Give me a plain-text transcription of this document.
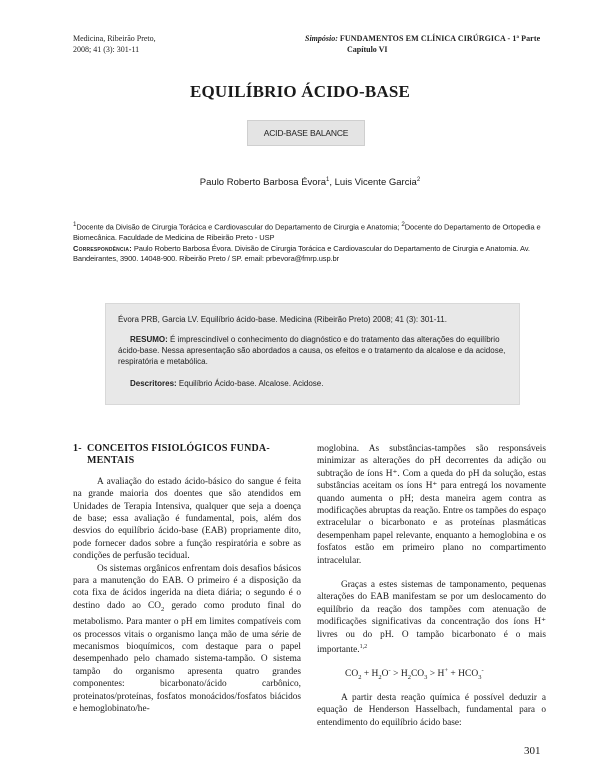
Medicina, Ribeirão Preto,
2008; 41 (3): 301-11
Simpósio: FUNDAMENTOS EM CLÍNICA CIRÚRGICA - 1ª Parte
Capítulo VI
EQUILÍBRIO ÁCIDO-BASE
ACID-BASE BALANCE
Paulo Roberto Barbosa Évora$^1$, Luis Vicente Garcia$^2$
$^1$Docente da Divisão de Cirurgia Torácica e Cardiovascular do Departamento de Cirurgia e Anatomia; $^2$Docente do Departamento de Ortopedia e Biomecânica. Faculdade de Medicina de Ribeirão Preto - USP
Correspondência: Paulo Roberto Barbosa Évora. Divisão de Cirurgia Torácica e Cardiovascular do Departamento de Cirurgia e Anatomia. Av. Bandeirantes, 3900. 14048-900. Ribeirão Preto / SP. email: prbevora@fmrp.usp.br
Évora PRB, Garcia LV. Equilíbrio ácido-base. Medicina (Ribeirão Preto) 2008; 41 (3): 301-11.
RESUMO: É imprescindível o conhecimento do diagnóstico e do tratamento das alterações do equilíbrio ácido-base. Nessa apresentação são abordados a causa, os efeitos e o tratamento da alcalose e da acidose, respiratória e metabólica.
Descritores: Equilíbrio Ácido-base. Alcalose. Acidose.
1- CONCEITOS FISIOLÓGICOS FUNDA-
MENTAIS

A avaliação do estado ácido-básico do sangue é feita na grande maioria dos doentes que são atendidos em Unidades de Terapia Intensiva, qualquer que seja a doença de base; essa avaliação é fundamental, pois, além dos desvios do equilíbrio ácido-base (EAB) propriamente dito, pode fornecer dados sobre a função respiratória e sobre as condições de perfusão tecidual.

Os sistemas orgânicos enfrentam dois desafios básicos para a manutenção do EAB. O primeiro é a disposição da cota fixa de ácidos ingerida na dieta diária; o segundo é o destino dado ao $CO_2$ gerado como produto final do metabolismo. Para manter o pH em limites compatíveis com os processos vitais o organismo lança mão de uma série de mecanismos bioquímicos, com destaque para o papel desempenhado pelo chamado sistema-tampão. O sistema tampão do organismo apresenta quatro grandes componentes: bicarbonato/ácido carbônico, proteinatos/proteínas, fosfatos monoácidos/fosfatos biácidos e hemoglobinato/he-

moglobina. As substâncias-tampões são responsáveis minimizar as alterações do pH decorrentes da adição ou subtração de íons H⁺. Com a queda do pH da solução, estas substâncias aceitam os íons H⁺ para entregá los novamente quando aumenta o pH; desta maneira agem contra as modificações abruptas da reação. Entre os tampões do espaço extracelular o bicarbonato e as proteínas plasmáticas desempenham papel relevante, enquanto a hemoglobina e os fosfatos estão em primeiro plano no compartimento intracelular.

Graças a estes sistemas de tamponamento, pequenas alterações do EAB manifestam se por um deslocamento do equilíbrio da reação dos tampões com atenuação de modificações significativas da concentração dos íons H⁺ livres ou do pH. O tampão bicarbonato é o mais importante.$^{1,2}$

$CO_2 + H_2O^- > H_2CO_3 > H^+ + HCO_3^-$

A partir desta reação química é possível deduzir a equação de Henderson Hasselbach, fundamental para o entendimento do equilíbrio ácido base:

301
